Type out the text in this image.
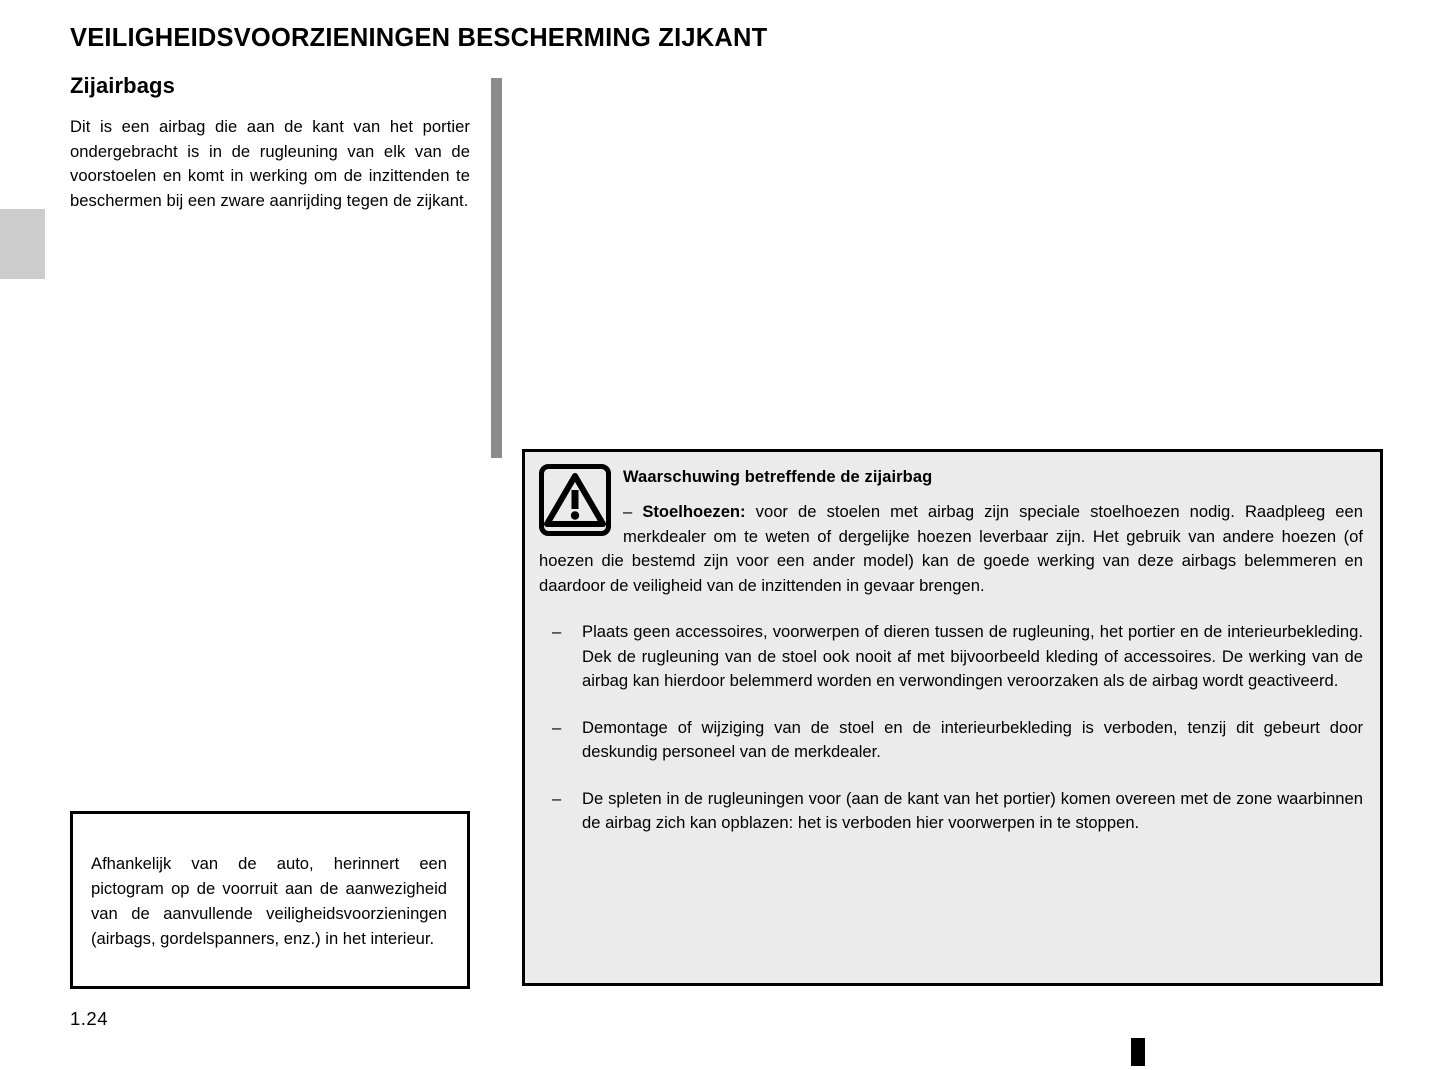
VEILIGHEIDSVOORZIENINGEN BESCHERMING ZIJKANT
Zijairbags

Dit is een airbag die aan de kant van het portier ondergebracht is in de rugleuning van elk van de voorstoelen en komt in werking om de inzittenden te beschermen bij een zware aanrijding tegen de zijkant.

Afhankelijk van de auto, herinnert een pictogram op de voorruit aan de aanwezigheid van de aanvullende veiligheidsvoorzieningen (airbags, gordelspanners, enz.) in het interieur.

Waarschuwing betreffende de zijairbag

– Stoelhoezen: voor de stoelen met airbag zijn speciale stoelhoezen nodig. Raadpleeg een merkdealer om te weten of dergelijke hoezen leverbaar zijn. Het gebruik van andere hoezen (of hoezen die bestemd zijn voor een ander model) kan de goede werking van deze airbags belemmeren en daardoor de veiligheid van de inzittenden in gevaar brengen.

– Plaats geen accessoires, voorwerpen of dieren tussen de rugleuning, het portier en de interieurbekleding. Dek de rugleuning van de stoel ook nooit af met bijvoorbeeld kleding of accessoires. De werking van de airbag kan hierdoor belemmerd worden en verwondingen veroorzaken als de airbag wordt geactiveerd.
– Demontage of wijziging van de stoel en de interieurbekleding is verboden, tenzij dit gebeurt door deskundig personeel van de merkdealer.
– De spleten in de rugleuningen voor (aan de kant van het portier) komen overeen met de zone waarbinnen de airbag zich kan opblazen: het is verboden hier voorwerpen in te stoppen.
1.24
